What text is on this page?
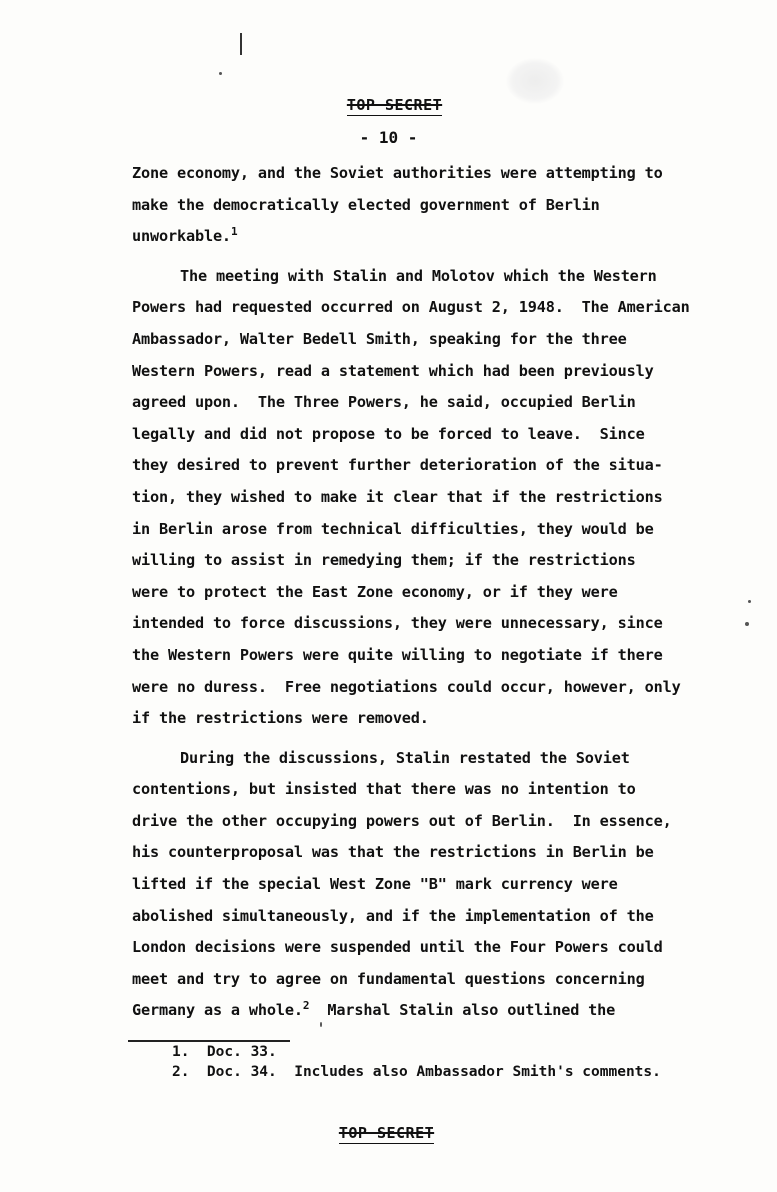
TOP SECRET
- 10 -
Zone economy, and the Soviet authorities were attempting to
make the democratically elected government of Berlin
unworkable.$^1$
The meeting with Stalin and Molotov which the Western
Powers had requested occurred on August 2, 1948.  The American
Ambassador, Walter Bedell Smith, speaking for the three
Western Powers, read a statement which had been previously
agreed upon.  The Three Powers, he said, occupied Berlin
legally and did not propose to be forced to leave.  Since
they desired to prevent further deterioration of the situa-
tion, they wished to make it clear that if the restrictions
in Berlin arose from technical difficulties, they would be
willing to assist in remedying them; if the restrictions
were to protect the East Zone economy, or if they were
intended to force discussions, they were unnecessary, since
the Western Powers were quite willing to negotiate if there
were no duress.  Free negotiations could occur, however, only
if the restrictions were removed.
During the discussions, Stalin restated the Soviet
contentions, but insisted that there was no intention to
drive the other occupying powers out of Berlin.  In essence,
his counterproposal was that the restrictions in Berlin be
lifted if the special West Zone "B" mark currency were
abolished simultaneously, and if the implementation of the
London decisions were suspended until the Four Powers could
meet and try to agree on fundamental questions concerning
Germany as a whole.$^2$  Marshal Stalin also outlined the
1.  Doc. 33.
2.  Doc. 34.  Includes also Ambassador Smith's comments.
TOP SECRET
